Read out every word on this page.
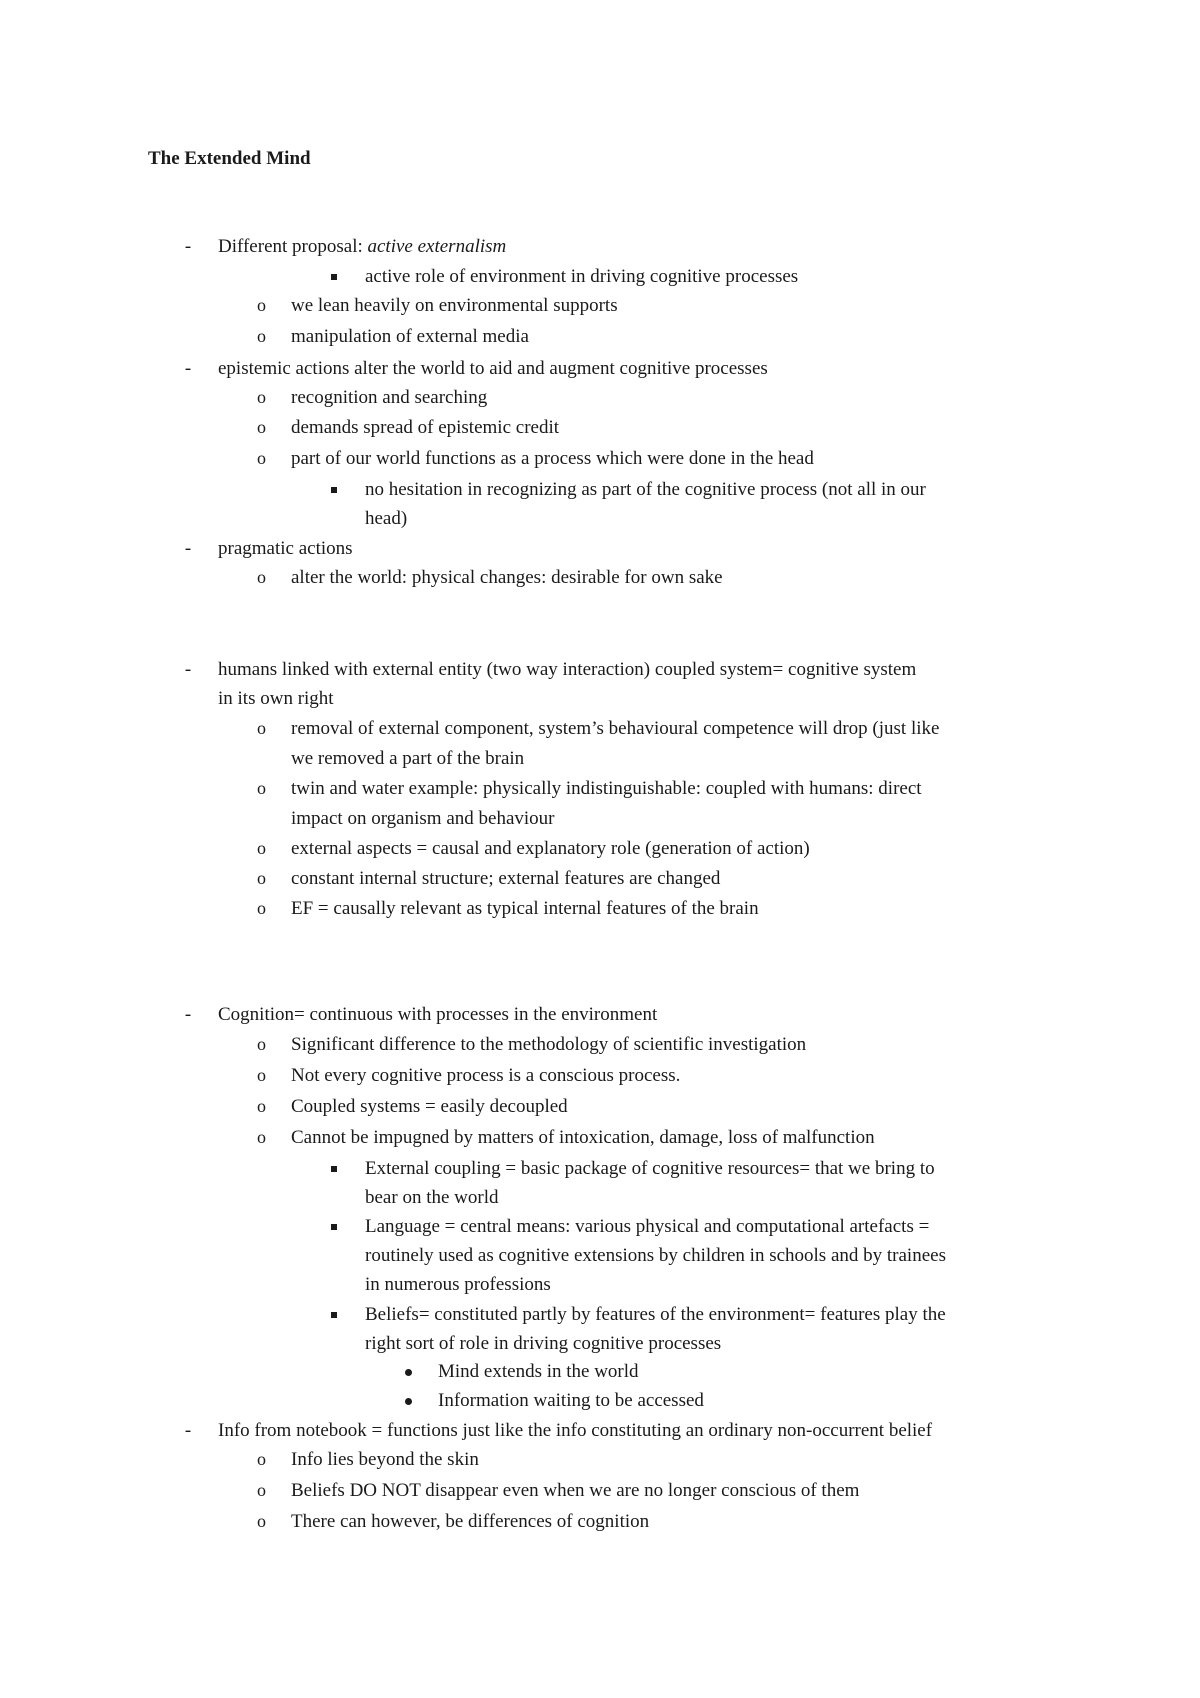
The Extended Mind
- Different proposal: active externalism
active role of environment in driving cognitive processes
o we lean heavily on environmental supports
o manipulation of external media
- epistemic actions alter the world to aid and augment cognitive processes
o recognition and searching
o demands spread of epistemic credit
o part of our world functions as a process which were done in the head
no hesitation in recognizing as part of the cognitive process (not all in our
head)
- pragmatic actions
o alter the world: physical changes: desirable for own sake
- humans linked with external entity (two way interaction) coupled system= cognitive system
in its own right
o removal of external component, system’s behavioural competence will drop (just like
we removed a part of the brain
o twin and water example: physically indistinguishable: coupled with humans: direct
impact on organism and behaviour
o external aspects = causal and explanatory role (generation of action)
o constant internal structure; external features are changed
o EF = causally relevant as typical internal features of the brain
- Cognition= continuous with processes in the environment
o Significant difference to the methodology of scientific investigation
o Not every cognitive process is a conscious process.
o Coupled systems = easily decoupled
o Cannot be impugned by matters of intoxication, damage, loss of malfunction
External coupling = basic package of cognitive resources= that we bring to
bear on the world
Language = central means: various physical and computational artefacts =
routinely used as cognitive extensions by children in schools and by trainees
in numerous professions
Beliefs= constituted partly by features of the environment= features play the
right sort of role in driving cognitive processes
Mind extends in the world
Information waiting to be accessed
- Info from notebook = functions just like the info constituting an ordinary non-occurrent belief
o Info lies beyond the skin
o Beliefs DO NOT disappear even when we are no longer conscious of them
o There can however, be differences of cognition
